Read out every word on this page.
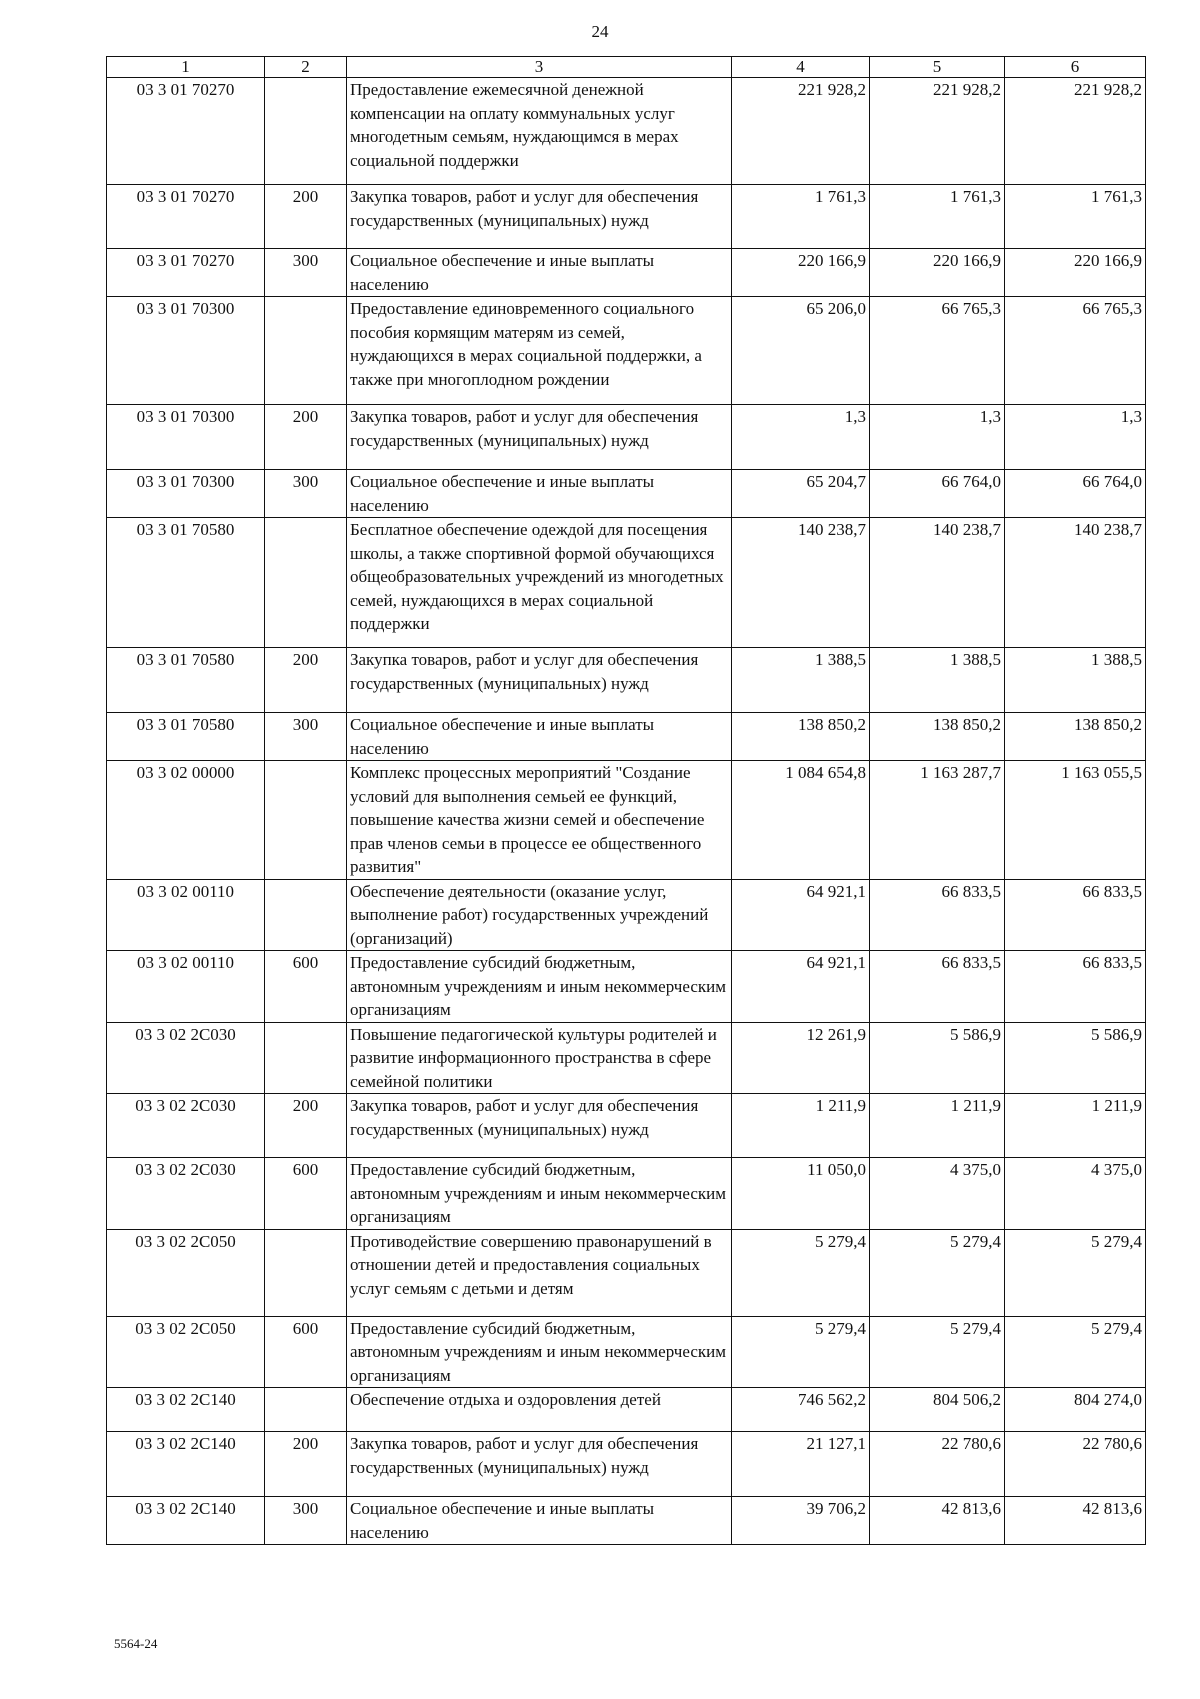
24
1	2	3	4	5	6
03 3 01 70270		Предоставление ежемесячной денежной компенсации на оплату коммунальных услуг многодетным семьям, нуждающимся в мерах социальной поддержки	221 928,2	221 928,2	221 928,2
03 3 01 70270	200	Закупка товаров, работ и услуг для обеспечения государственных (муниципальных) нужд	1 761,3	1 761,3	1 761,3
03 3 01 70270	300	Социальное обеспечение и иные выплаты населению	220 166,9	220 166,9	220 166,9
03 3 01 70300		Предоставление единовременного социального пособия кормящим матерям из семей, нуждающихся в мерах социальной поддержки, а также при многоплодном рождении	65 206,0	66 765,3	66 765,3
03 3 01 70300	200	Закупка товаров, работ и услуг для обеспечения государственных (муниципальных) нужд	1,3	1,3	1,3
03 3 01 70300	300	Социальное обеспечение и иные выплаты населению	65 204,7	66 764,0	66 764,0
03 3 01 70580		Бесплатное обеспечение одеждой для посещения школы, а также спортивной формой обучающихся общеобразовательных учреждений из многодетных семей, нуждающихся в мерах социальной поддержки	140 238,7	140 238,7	140 238,7
03 3 01 70580	200	Закупка товаров, работ и услуг для обеспечения государственных (муниципальных) нужд	1 388,5	1 388,5	1 388,5
03 3 01 70580	300	Социальное обеспечение и иные выплаты населению	138 850,2	138 850,2	138 850,2
03 3 02 00000		Комплекс процессных мероприятий "Создание условий для выполнения семьей ее функций, повышение качества жизни семей и обеспечение прав членов семьи в процессе ее общественного развития"	1 084 654,8	1 163 287,7	1 163 055,5
03 3 02 00110		Обеспечение деятельности (оказание услуг, выполнение работ) государственных учреждений (организаций)	64 921,1	66 833,5	66 833,5
03 3 02 00110	600	Предоставление субсидий бюджетным, автономным учреждениям и иным некоммерческим организациям	64 921,1	66 833,5	66 833,5
03 3 02 2С030		Повышение педагогической культуры родителей и развитие информационного пространства в сфере семейной политики	12 261,9	5 586,9	5 586,9
03 3 02 2С030	200	Закупка товаров, работ и услуг для обеспечения государственных (муниципальных) нужд	1 211,9	1 211,9	1 211,9
03 3 02 2С030	600	Предоставление субсидий бюджетным, автономным учреждениям и иным некоммерческим организациям	11 050,0	4 375,0	4 375,0
03 3 02 2С050		Противодействие совершению правонарушений в отношении детей и предоставления социальных услуг семьям с детьми и детям	5 279,4	5 279,4	5 279,4
03 3 02 2С050	600	Предоставление субсидий бюджетным, автономным учреждениям и иным некоммерческим организациям	5 279,4	5 279,4	5 279,4
03 3 02 2С140		Обеспечение отдыха и оздоровления детей	746 562,2	804 506,2	804 274,0
03 3 02 2С140	200	Закупка товаров, работ и услуг для обеспечения государственных (муниципальных) нужд	21 127,1	22 780,6	22 780,6
03 3 02 2С140	300	Социальное обеспечение и иные выплаты населению	39 706,2	42 813,6	42 813,6
5564-24
